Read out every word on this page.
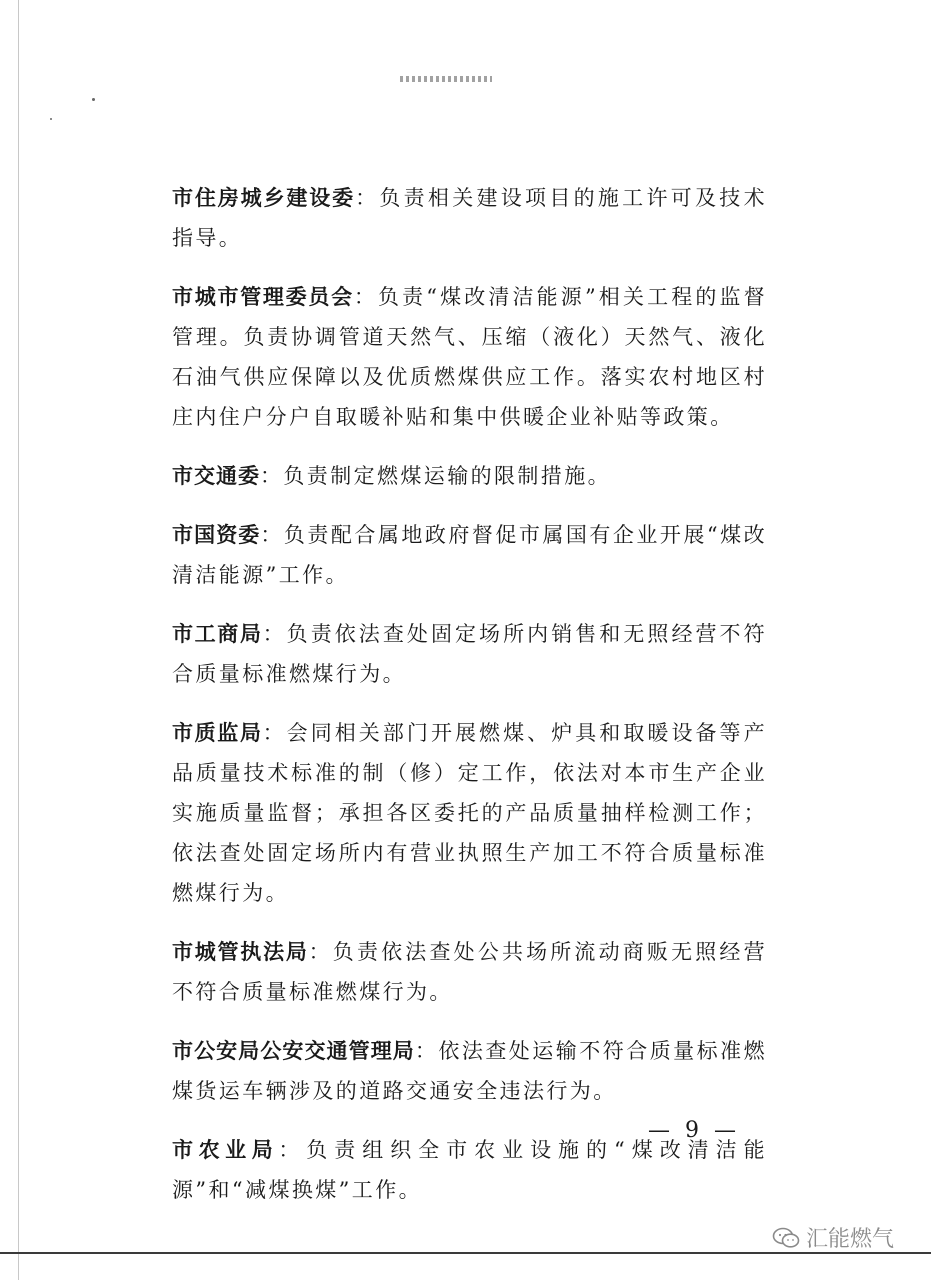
市住房城乡建设委：负责相关建设项目的施工许可及技术指导。

市城市管理委员会：负责“煤改清洁能源”相关工程的监督管理。负责协调管道天然气、压缩（液化）天然气、液化石油气供应保障以及优质燃煤供应工作。落实农村地区村庄内住户分户自取暖补贴和集中供暖企业补贴等政策。

市交通委：负责制定燃煤运输的限制措施。

市国资委：负责配合属地政府督促市属国有企业开展“煤改清洁能源”工作。

市工商局：负责依法查处固定场所内销售和无照经营不符合质量标准燃煤行为。

市质监局：会同相关部门开展燃煤、炉具和取暖设备等产品质量技术标准的制（修）定工作，依法对本市生产企业实施质量监督；承担各区委托的产品质量抽样检测工作；依法查处固定场所内有营业执照生产加工不符合质量标准燃煤行为。

市城管执法局：负责依法查处公共场所流动商贩无照经营不符合质量标准燃煤行为。

市公安局公安交通管理局：依法查处运输不符合质量标准燃煤货运车辆涉及的道路交通安全违法行为。

市农业局：负责组织全市农业设施的“煤改清洁能源”和“减煤换煤”工作。

— 9 —
汇能燃气
